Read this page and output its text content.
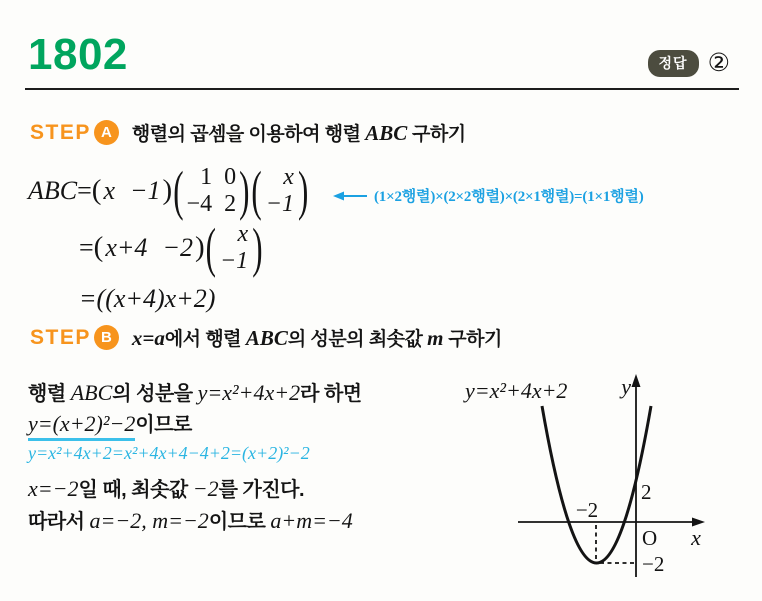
1802	정답 ②
STEP A	행렬의 곱셈을 이용하여 행렬 ABC 구하기
ABC = ( x −1 ) ( 1 0
−4 2 ) ( x
−1 )	(1×2행렬)×(2×2행렬)×(2×1행렬)=(1×1행렬)
= ( x+4 −2 ) ( x
−1 )
=((x+4)x+2)
STEP B x=a에서 행렬 ABC의 성분의 최솟값 m 구하기
행렬 ABC의 성분을 y=x²+4x+2라 하면
y=(x+2)²−2이므로
y=x²+4x+2=x²+4x+4−4+2=(x+2)²−2
x=−2일 때, 최솟값 −2를 가진다.
따라서 a=−2, m=−2이므로 a+m=−4
y=x²+4x+2 y
x
O
2
−2
−2
